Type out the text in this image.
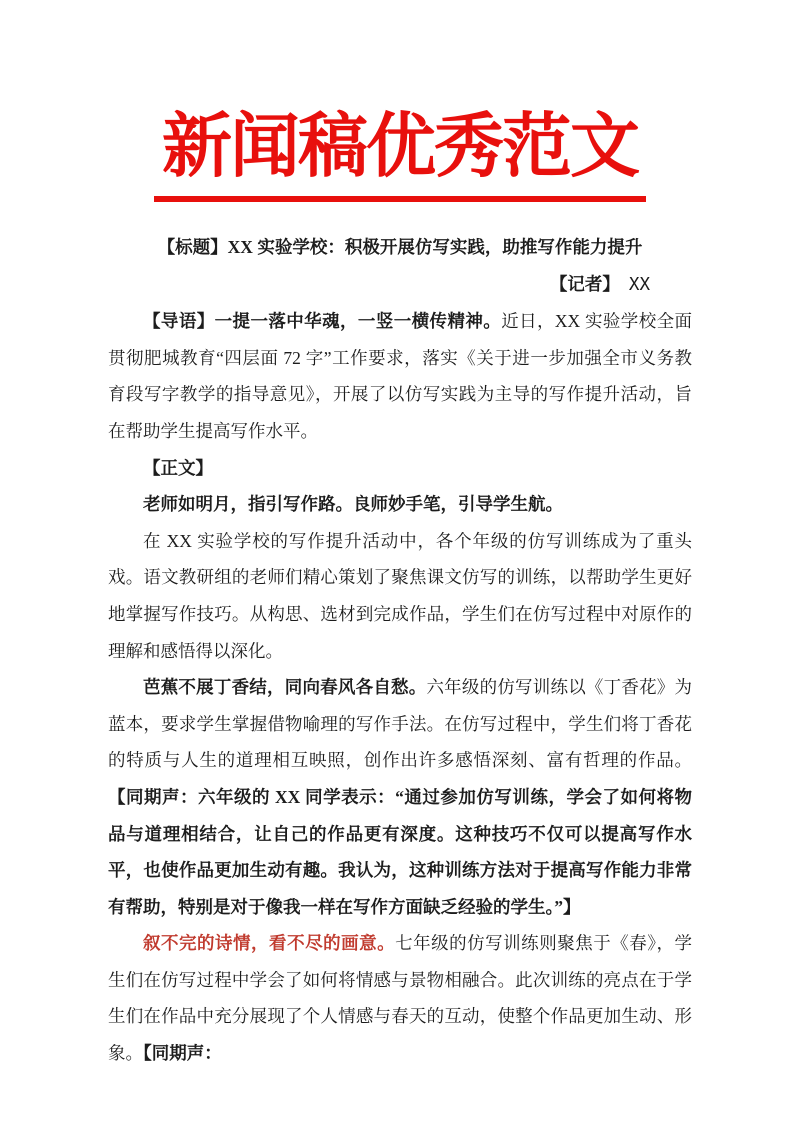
新闻稿优秀范文

【标题】XX 实验学校：积极开展仿写实践，助推写作能力提升

【记者】 XX

【导语】一提一落中华魂，一竖一横传精神。近日，XX 实验学校全面贯彻肥城教育“四层面 72 字”工作要求，落实《关于进一步加强全市义务教育段写字教学的指导意见》，开展了以仿写实践为主导的写作提升活动，旨在帮助学生提高写作水平。

【正文】

老师如明月，指引写作路。良师妙手笔，引导学生航。

在 XX 实验学校的写作提升活动中，各个年级的仿写训练成为了重头戏。语文教研组的老师们精心策划了聚焦课文仿写的训练，以帮助学生更好地掌握写作技巧。从构思、选材到完成作品，学生们在仿写过程中对原作的理解和感悟得以深化。

芭蕉不展丁香结，同向春风各自愁。六年级的仿写训练以《丁香花》为蓝本，要求学生掌握借物喻理的写作手法。在仿写过程中，学生们将丁香花的特质与人生的道理相互映照，创作出许多感悟深刻、富有哲理的作品。【同期声：六年级的 XX 同学表示：“通过参加仿写训练，学会了如何将物品与道理相结合，让自己的作品更有深度。这种技巧不仅可以提高写作水平，也使作品更加生动有趣。我认为，这种训练方法对于提高写作能力非常有帮助，特别是对于像我一样在写作方面缺乏经验的学生。”】

叙不完的诗情，看不尽的画意。七年级的仿写训练则聚焦于《春》，学生们在仿写过程中学会了如何将情感与景物相融合。此次训练的亮点在于学生们在作品中充分展现了个人情感与春天的互动，使整个作品更加生动、形象。【同期声：
